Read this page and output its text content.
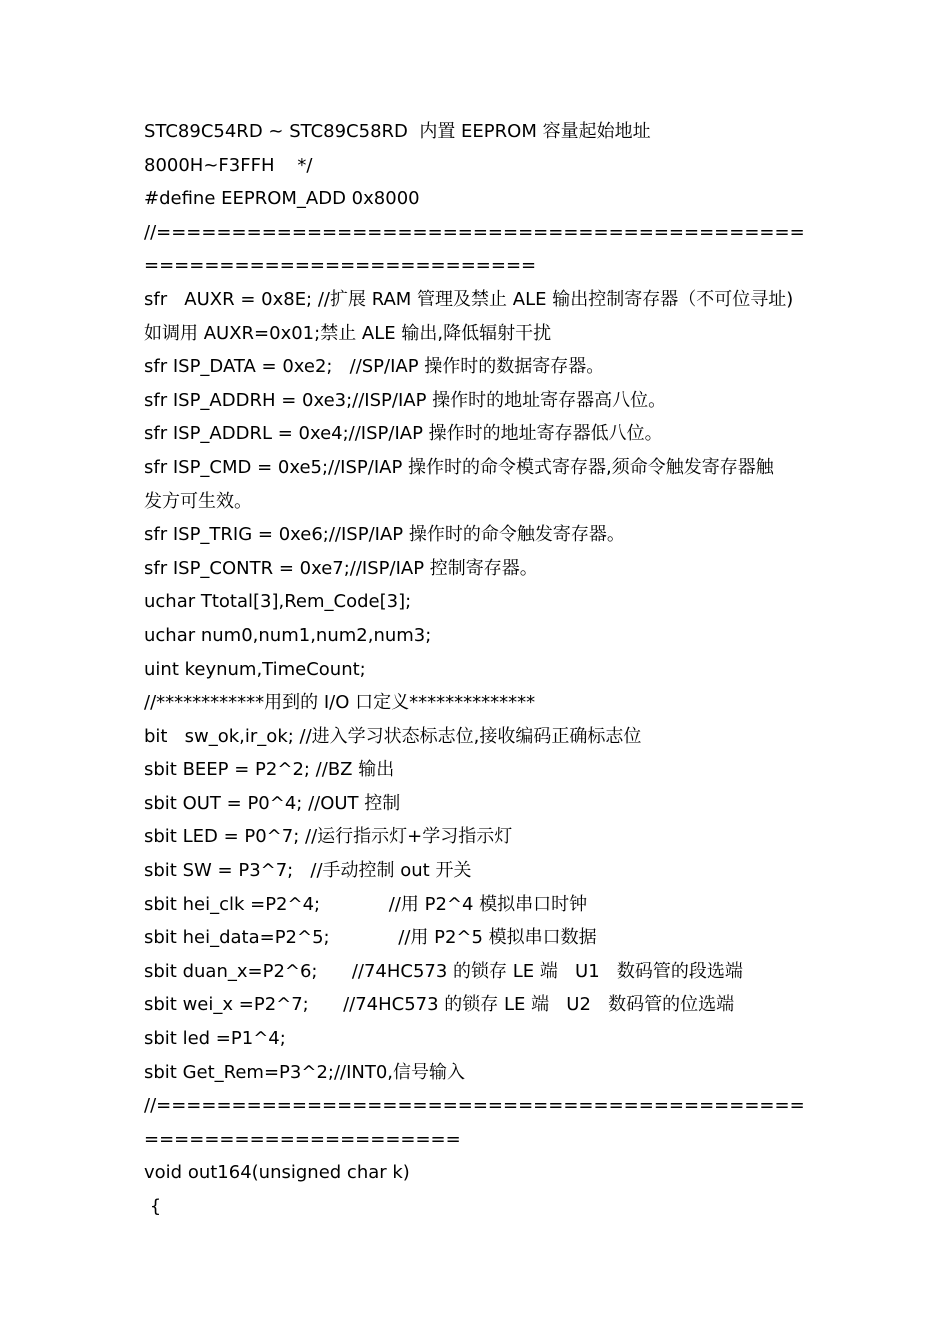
STC89C54RD ~ STC89C58RD  内置 EEPROM 容量起始地址
8000H~F3FFH    */
#define EEPROM_ADD 0x8000
//===========================================
==========================
sfr   AUXR = 0x8E; //扩展 RAM 管理及禁止 ALE 输出控制寄存器（不可位寻址)
如调用 AUXR=0x01;禁止 ALE 输出,降低辐射干扰
sfr ISP_DATA = 0xe2;   //SP/IAP 操作时的数据寄存器。
sfr ISP_ADDRH = 0xe3;//ISP/IAP 操作时的地址寄存器高八位。
sfr ISP_ADDRL = 0xe4;//ISP/IAP 操作时的地址寄存器低八位。
sfr ISP_CMD = 0xe5;//ISP/IAP 操作时的命令模式寄存器,须命令触发寄存器触
发方可生效。
sfr ISP_TRIG = 0xe6;//ISP/IAP 操作时的命令触发寄存器。
sfr ISP_CONTR = 0xe7;//ISP/IAP 控制寄存器。
uchar Ttotal[3],Rem_Code[3];
uchar num0,num1,num2,num3;
uint keynum,TimeCount;
//************用到的 I/O 口定义**************
bit   sw_ok,ir_ok; //进入学习状态标志位,接收编码正确标志位
sbit BEEP = P2^2; //BZ 输出
sbit OUT = P0^4; //OUT 控制
sbit LED = P0^7; //运行指示灯+学习指示灯
sbit SW = P3^7;   //手动控制 out 开关
sbit hei_clk =P2^4;            //用 P2^4 模拟串口时钟
sbit hei_data=P2^5;            //用 P2^5 模拟串口数据
sbit duan_x=P2^6;      //74HC573 的锁存 LE 端   U1   数码管的段选端
sbit wei_x =P2^7;      //74HC573 的锁存 LE 端   U2   数码管的位选端
sbit led =P1^4;
sbit Get_Rem=P3^2;//INT0,信号输入
//===========================================
=====================
void out164(unsigned char k)
{
